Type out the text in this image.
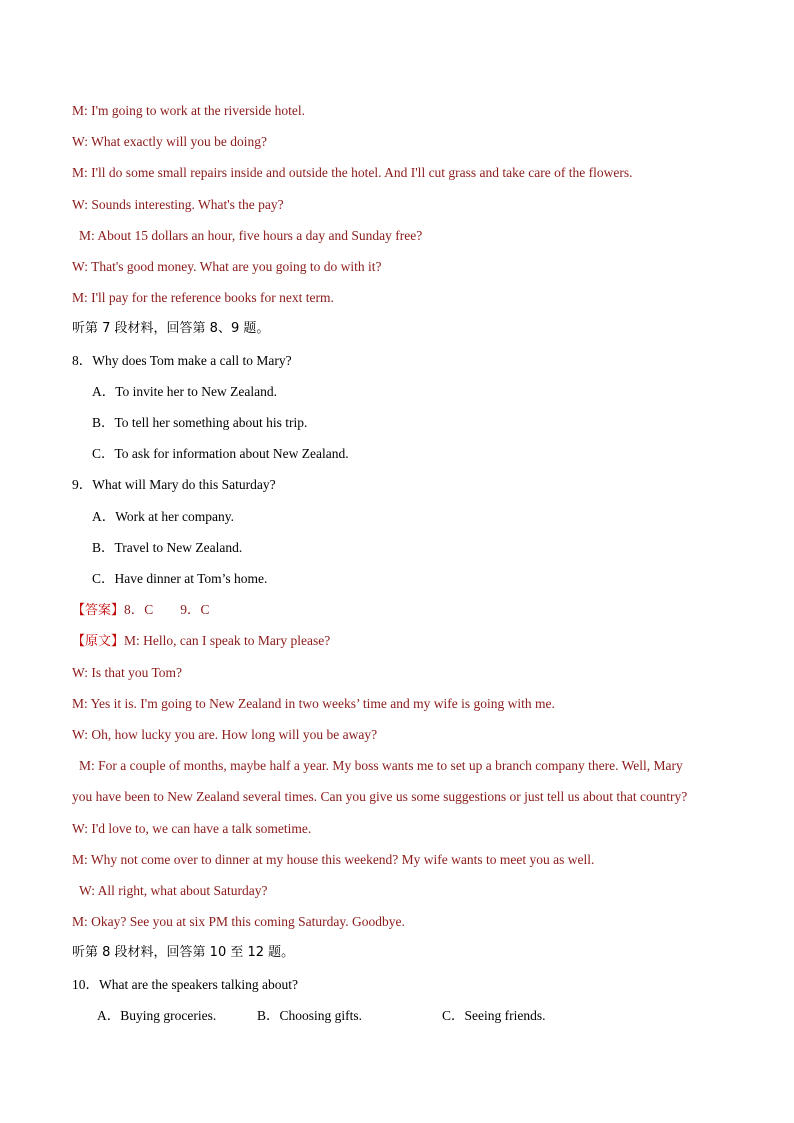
M: I'm going to work at the riverside hotel.
W: What exactly will you be doing?
M: I'll do some small repairs inside and outside the hotel. And I'll cut grass and take care of the flowers.
W: Sounds interesting. What's the pay?
M: About 15 dollars an hour, five hours a day and Sunday free?
W: That's good money. What are you going to do with it?
M: I'll pay for the reference books for next term.
听第 7 段材料，回答第 8、9 题。
8．Why does Tom make a call to Mary?
A．To invite her to New Zealand.
B．To tell her something about his trip.
C．To ask for information about New Zealand.
9．What will Mary do this Saturday?
A．Work at her company.
B．Travel to New Zealand.
C．Have dinner at Tom’s home.
【答案】8．C        9．C
【原文】M: Hello, can I speak to Mary please?
W: Is that you Tom?
M: Yes it is. I'm going to New Zealand in two weeks’ time and my wife is going with me.
W: Oh, how lucky you are. How long will you be away?
M: For a couple of months, maybe half a year. My boss wants me to set up a branch company there. Well, Mary
you have been to New Zealand several times. Can you give us some suggestions or just tell us about that country?
W: I'd love to, we can have a talk sometime.
M: Why not come over to dinner at my house this weekend? My wife wants to meet you as well.
W: All right, what about Saturday?
M: Okay? See you at six PM this coming Saturday. Goodbye.
听第 8 段材料，回答第 10 至 12 题。
10．What are the speakers talking about?
A．Buying groceries.	B．Choosing gifts.	C．Seeing friends.
